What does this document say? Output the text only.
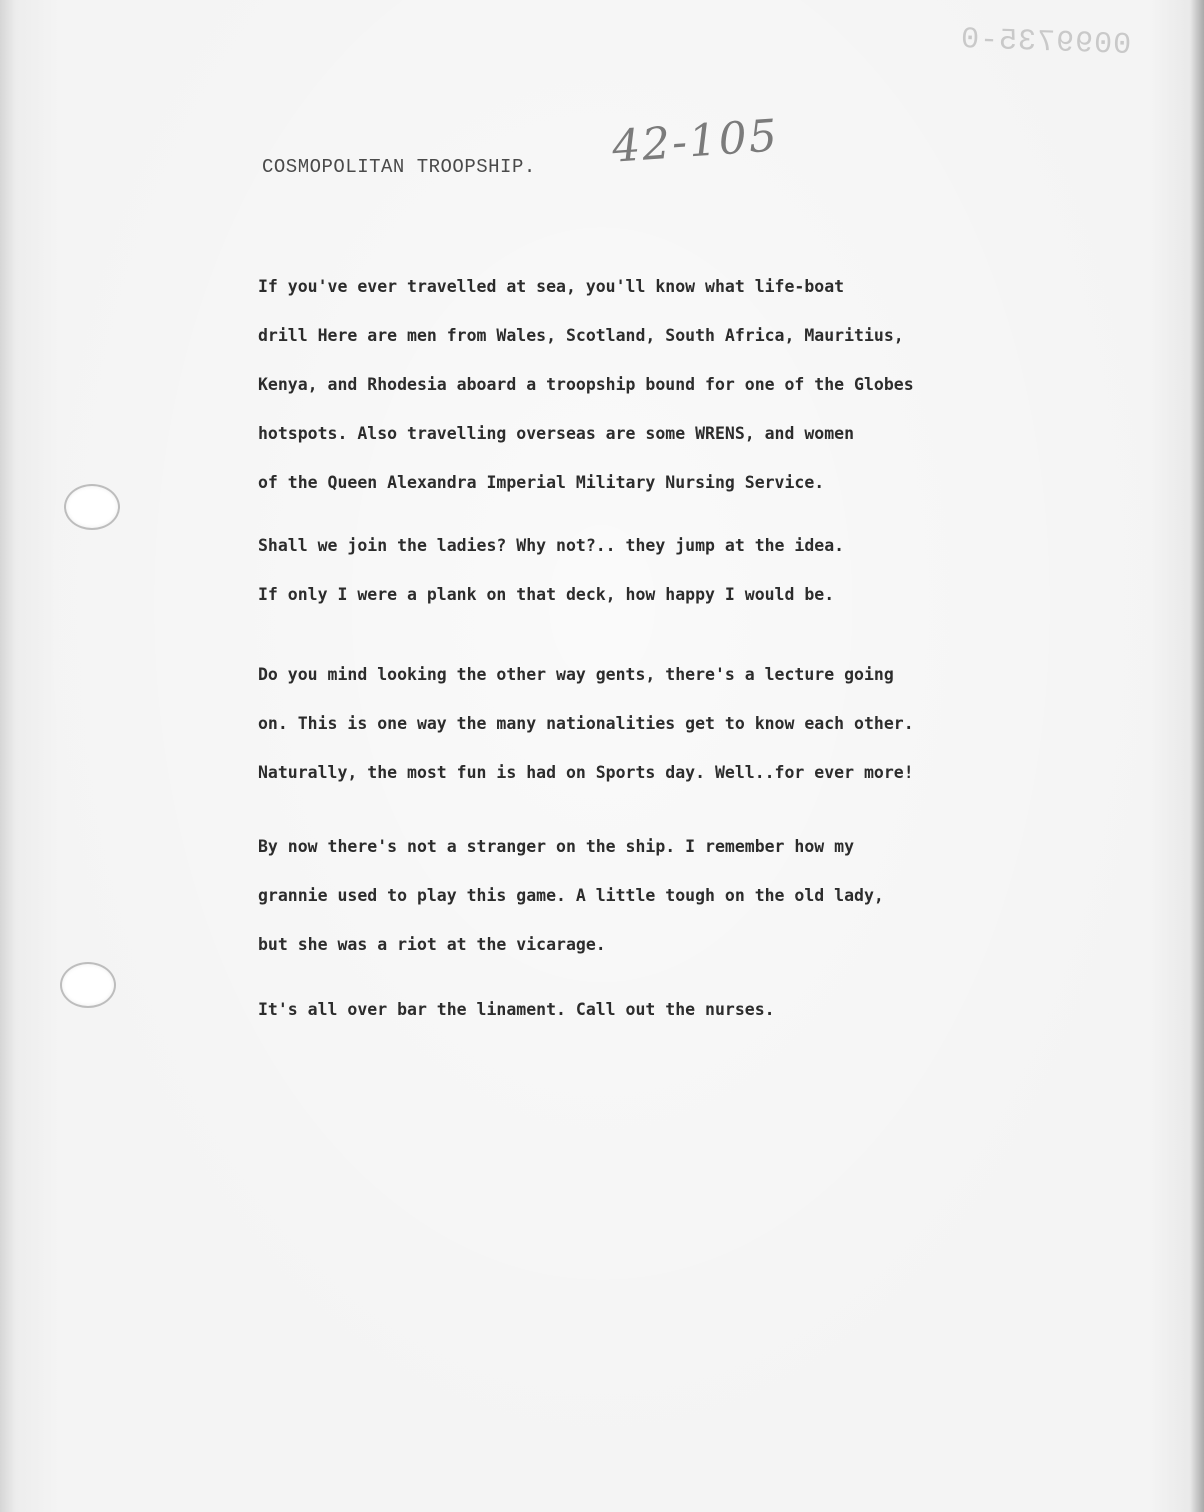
0099735-0
42-105
COSMOPOLITAN TROOPSHIP.

If you've ever travelled at sea, you'll know what life-boat
drill Here are men from Wales, Scotland, South Africa, Mauritius,
Kenya, and Rhodesia aboard a troopship bound for one of the Globes
hotspots. Also travelling overseas are some WRENS, and women
of the Queen Alexandra Imperial Military Nursing Service.

Shall we join the ladies? Why not?.. they jump at the idea.
If only I were a plank on that deck, how happy I would be.

Do you mind looking the other way gents, there's a lecture going
on. This is one way the many nationalities get to know each other.
Naturally, the most fun is had on Sports day. Well..for ever more!

By now there's not a stranger on the ship. I remember how my
grannie used to play this game. A little tough on the old lady,
but she was a riot at the vicarage.

It's all over bar the linament. Call out the nurses.
